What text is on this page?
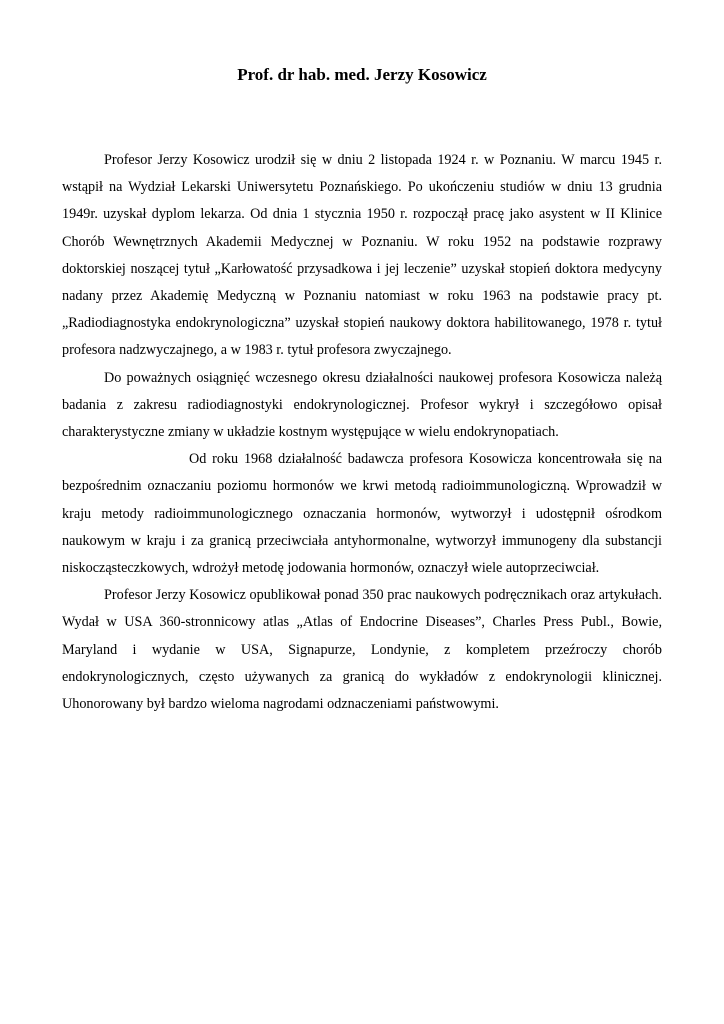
Prof. dr hab. med. Jerzy Kosowicz

Profesor Jerzy Kosowicz urodził się w dniu 2 listopada 1924 r. w Poznaniu. W marcu 1945 r. wstąpił na Wydział Lekarski Uniwersytetu Poznańskiego. Po ukończeniu studiów w dniu 13 grudnia 1949r. uzyskał dyplom lekarza. Od dnia 1 stycznia 1950 r. rozpoczął pracę jako asystent w II Klinice Chorób Wewnętrznych Akademii Medycznej w Poznaniu. W roku 1952 na podstawie rozprawy doktorskiej noszącej tytuł „Karłowatość przysadkowa i jej leczenie” uzyskał stopień doktora medycyny nadany przez Akademię Medyczną w Poznaniu natomiast w roku 1963 na podstawie pracy pt. „Radiodiagnostyka endokrynologiczna” uzyskał stopień naukowy doktora habilitowanego, 1978 r. tytuł profesora nadzwyczajnego, a w 1983 r. tytuł profesora zwyczajnego.

Do poważnych osiągnięć wczesnego okresu działalności naukowej profesora Kosowicza należą badania z zakresu radiodiagnostyki endokrynologicznej. Profesor wykrył i szczegółowo opisał charakterystyczne zmiany w układzie kostnym występujące w wielu endokrynopatiach.

Od roku 1968 działalność badawcza profesora Kosowicza koncentrowała się na bezpośrednim oznaczaniu poziomu hormonów we krwi metodą radioimmunologiczną. Wprowadził w kraju metody radioimmunologicznego oznaczania hormonów, wytworzył i udostępnił ośrodkom naukowym w kraju i za granicą przeciwciała antyhormonalne, wytworzył immunogeny dla substancji niskocząsteczkowych, wdrożył metodę jodowania hormonów, oznaczył wiele autoprzeciwciał.

Profesor Jerzy Kosowicz opublikował ponad 350 prac naukowych podręcznikach oraz artykułach. Wydał w USA 360-stronnicowy atlas „Atlas of Endocrine Diseases”, Charles Press Publ., Bowie, Maryland i wydanie w USA, Signapurze, Londynie, z kompletem przeźroczy chorób endokrynologicznych, często używanych za granicą do wykładów z endokrynologii klinicznej. Uhonorowany był bardzo wieloma nagrodami odznaczeniami państwowymi.
